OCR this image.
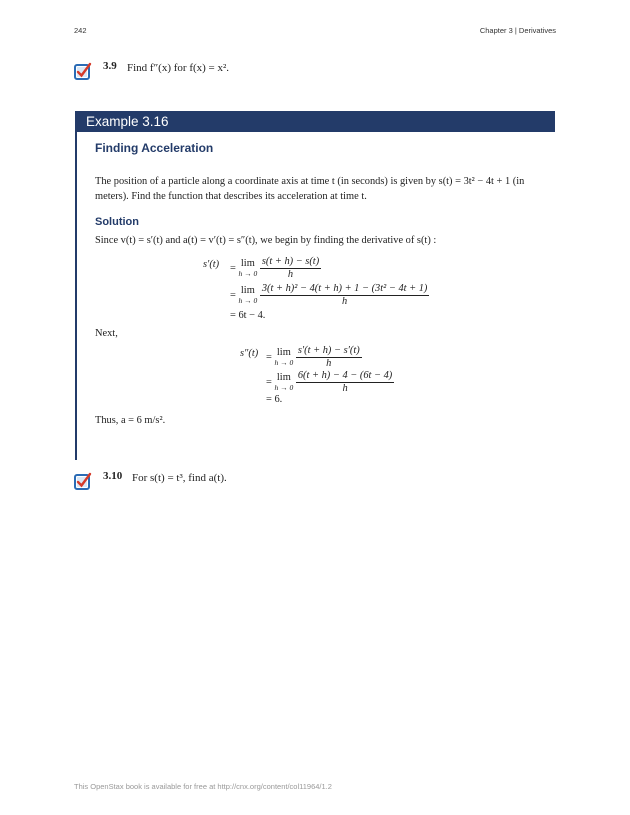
242	Chapter 3 | Derivatives
3.9 Find f″(x) for f(x) = x².
Example 3.16
Finding Acceleration
The position of a particle along a coordinate axis at time t (in seconds) is given by s(t) = 3t² − 4t + 1 (in
meters). Find the function that describes its acceleration at time t.
Solution
Since v(t) = s′(t) and a(t) = v′(t) = s″(t), we begin by finding the derivative of s(t) :
s′(t) = lim
h → 0
$\frac{s(t + h) - s(t)}{h}$
= lim
h → 0
$\frac{\text{3(t + h)² − 4(t + h) + 1 − (3t² − 4t + 1)}}{h}$
= 6t − 4.
Next,
s″(t) = lim
h → 0
$\frac{s'(t + h) - s'(t)}{h}$
= lim
h → 0
$\frac{6(t + h) - 4 - (6t - 4)}{h}$
= 6.
Thus, a = 6 m/s².
3.10 For s(t) = t³, find a(t).
This OpenStax book is available for free at http://cnx.org/content/col11964/1.2
